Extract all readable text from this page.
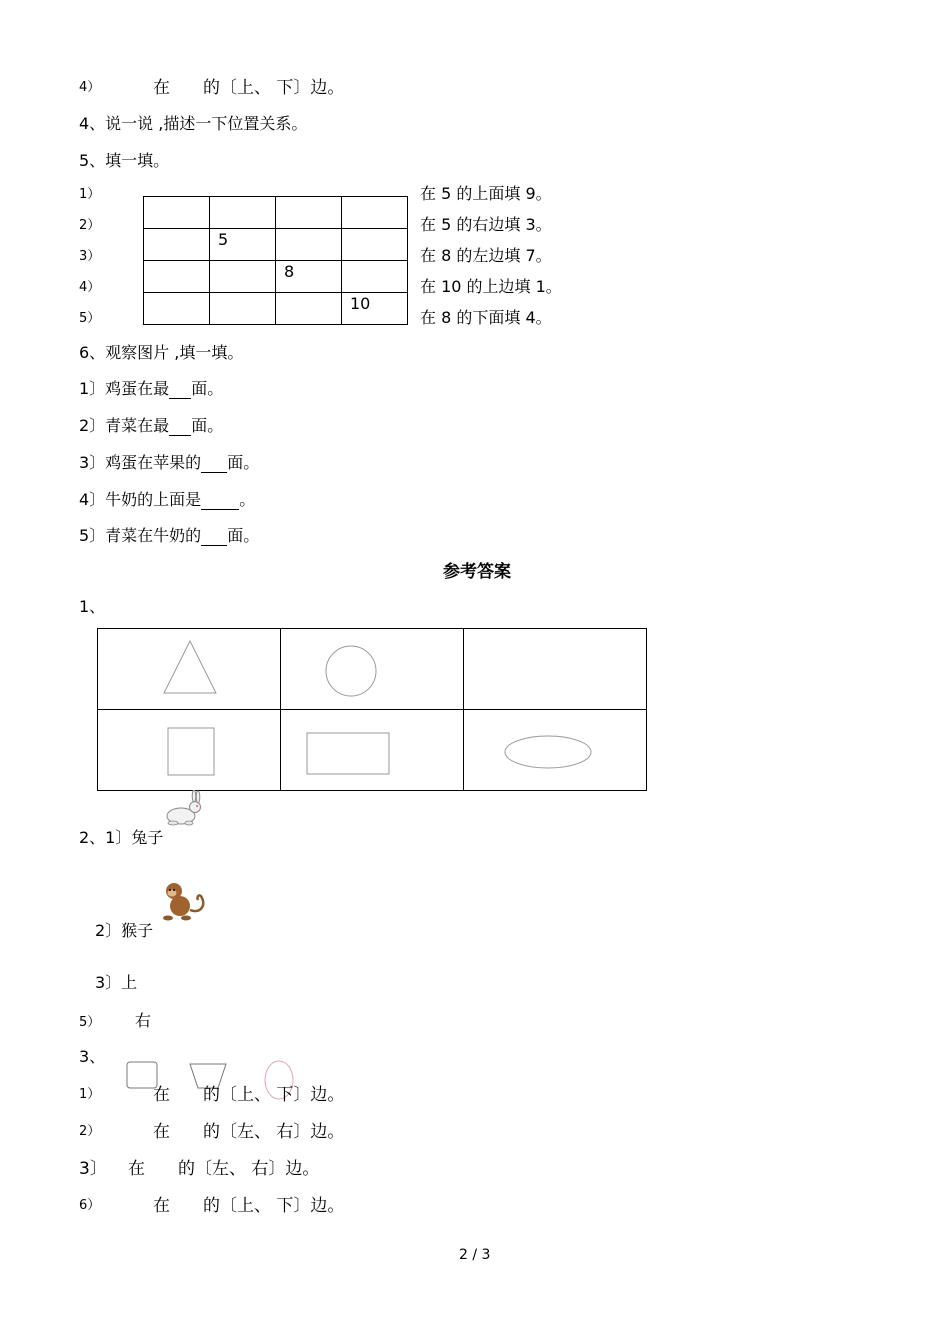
4）	在 的〔上、 下〕边。
4、说一说 ,描述一下位置关系。
5、填一填。
1）
2）
3）
4）
5）

	5		

		8	

			10
在 5 的上面填 9。
在 5 的右边填 3。
在 8 的左边填 7。
在 10 的上边填 1。
在 8 的下面填 4。
6、观察图片 ,填一填。
1〕鸡蛋在最 面。
2〕青菜在最 面。
3〕鸡蛋在苹果的 面。
4〕牛奶的上面是 。
5〕青菜在牛奶的 面。
参考答案
1、

2、1〕兔子
2〕猴子
3〕上
5） 右
3、
1）	在 的〔上、 下〕边。
2）	在 的〔左、 右〕边。
3〕 在 的〔左、 右〕边。
6）	在 的〔上、 下〕边。
2 / 3
